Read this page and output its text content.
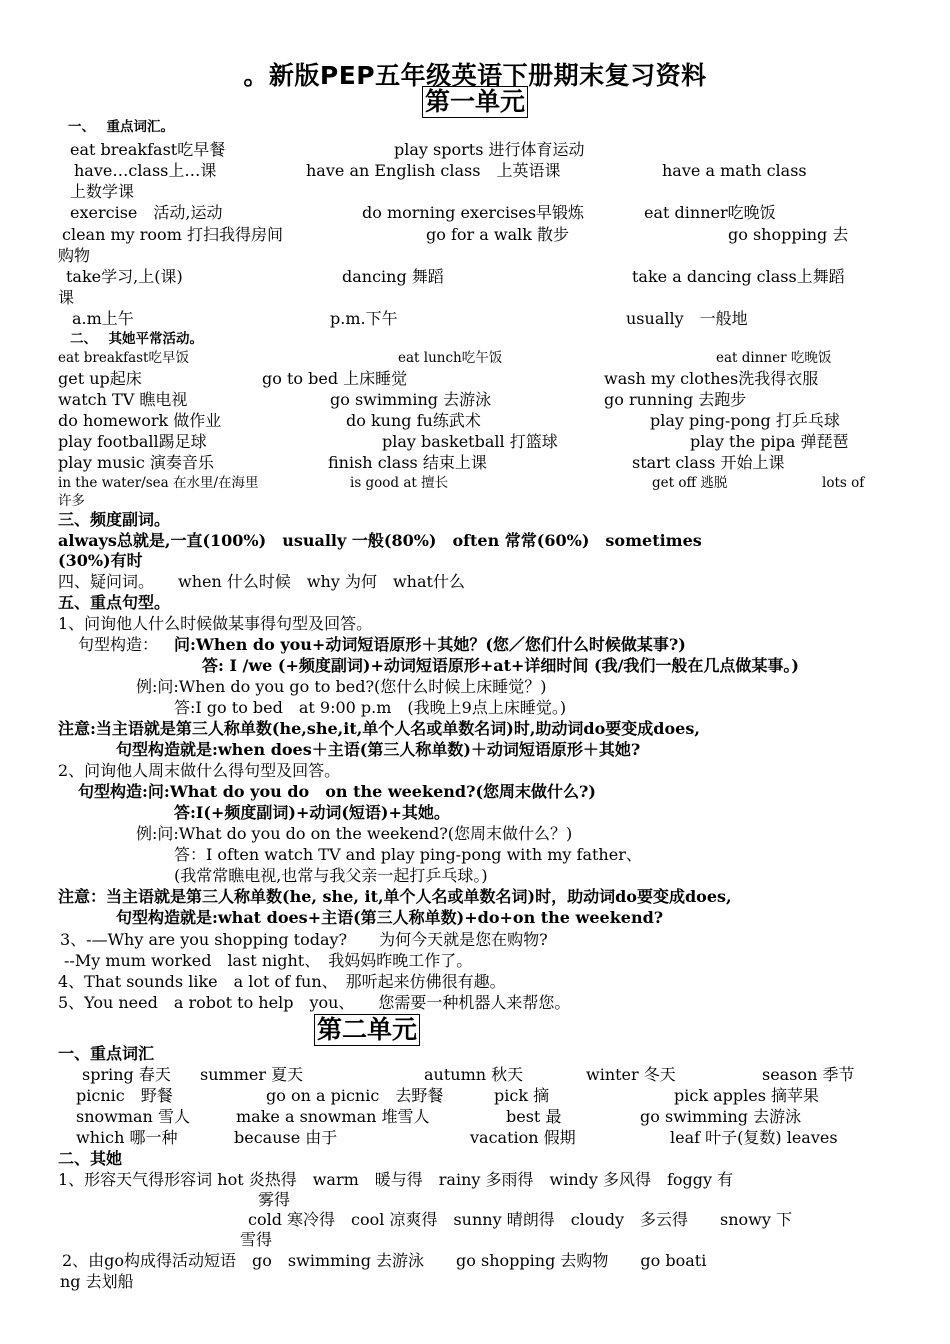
。新版PEP五年级英语下册期末复习资料
第一单元
一、　 重点词汇。
eat breakfast吃早餐	play sports 进行体育运动
have…class上…课	have an English class　上英语课	have a math class
上数学课
exercise　活动,运动	do morning exercises早锻炼	eat dinner吃晚饭
clean my room 打扫我得房间	go for a walk 散步	go shopping 去
购物
take学习,上(课)	dancing 舞蹈	take a dancing class上舞蹈
课
a.m上午	p.m.下午	usually　一般地
二、　 其她平常活动。
eat breakfast吃早饭	eat lunch吃午饭	eat dinner 吃晚饭
get up起床	go to bed 上床睡觉	wash my clothes洗我得衣服
watch TV 瞧电视	go swimming 去游泳	go running 去跑步
do homework 做作业	do kung fu练武术	play ping-pong 打乒乓球
play football踢足球	play basketball 打篮球	play the pipa 弹琵琶
play music 演奏音乐	finish class 结束上课	start class 开始上课
in the water/sea 在水里/在海里	is good at 擅长	get off 逃脱	lots of
许多
三、频度副词。
always总就是,一直(100%)　usually 一般(80%)　often 常常(60%)　sometimes
(30%)有时
四、疑问词。　　when 什么时候　why 为何　what什么
五、重点句型。
1、问询他人什么时候做某事得句型及回答。
句型构造： 问:When do you+动词短语原形＋其她？(您／您们什么时候做某事?)
答: I /we (+频度副词)+动词短语原形+at+详细时间 (我/我们一般在几点做某事。)
例:问:When do you go to bed?(您什么时候上床睡觉？)
答:I go to bed　at 9:00 p.m　(我晚上9点上床睡觉。)
注意:当主语就是第三人称单数(he,she,it,单个人名或单数名词)时,助动词do要变成does,
句型构造就是:when does＋主语(第三人称单数)＋动词短语原形＋其她?
2、问询他人周末做什么得句型及回答。
句型构造:问:What do you do　on the weekend?(您周末做什么?)
答:I(+频度副词)+动词(短语)+其她。
例:问:What do you do on the weekend?(您周末做什么？)
答：I often watch TV and play ping-pong with my father、
(我常常瞧电视,也常与我父亲一起打乒乓球。)
注意：当主语就是第三人称单数(he, she, it,单个人名或单数名词)时，助动词do要变成does,
句型构造就是:what does+主语(第三人称单数)+do+on the weekend?
3、-—Why are you shopping today?　　为何今天就是您在购物?
--My mum worked　last night、　我妈妈昨晚工作了。
4、That sounds like　a lot of fun、　那听起来仿佛很有趣。
5、You need　a robot to help　you、　　您需要一种机器人来帮您。
第二单元
一、重点词汇
spring 春天 summer 夏天	autumn 秋天	winter 冬天	season 季节
picnic　野餐	go on a picnic　去野餐	pick 摘	pick apples 摘苹果
snowman 雪人	make a snowman 堆雪人	best 最	go swimming 去游泳
which 哪一种	because 由于	vacation 假期	leaf 叶子(复数) leaves
二、其她
1、形容天气得形容词 hot 炎热得　warm　暖与得　rainy 多雨得　windy 多风得　foggy 有
雾得
cold 寒冷得　cool 凉爽得　sunny 晴朗得　cloudy　多云得　　snowy 下
雪得
2、由go构成得活动短语　go　swimming 去游泳　　go shopping 去购物　　go boati
ng 去划船
